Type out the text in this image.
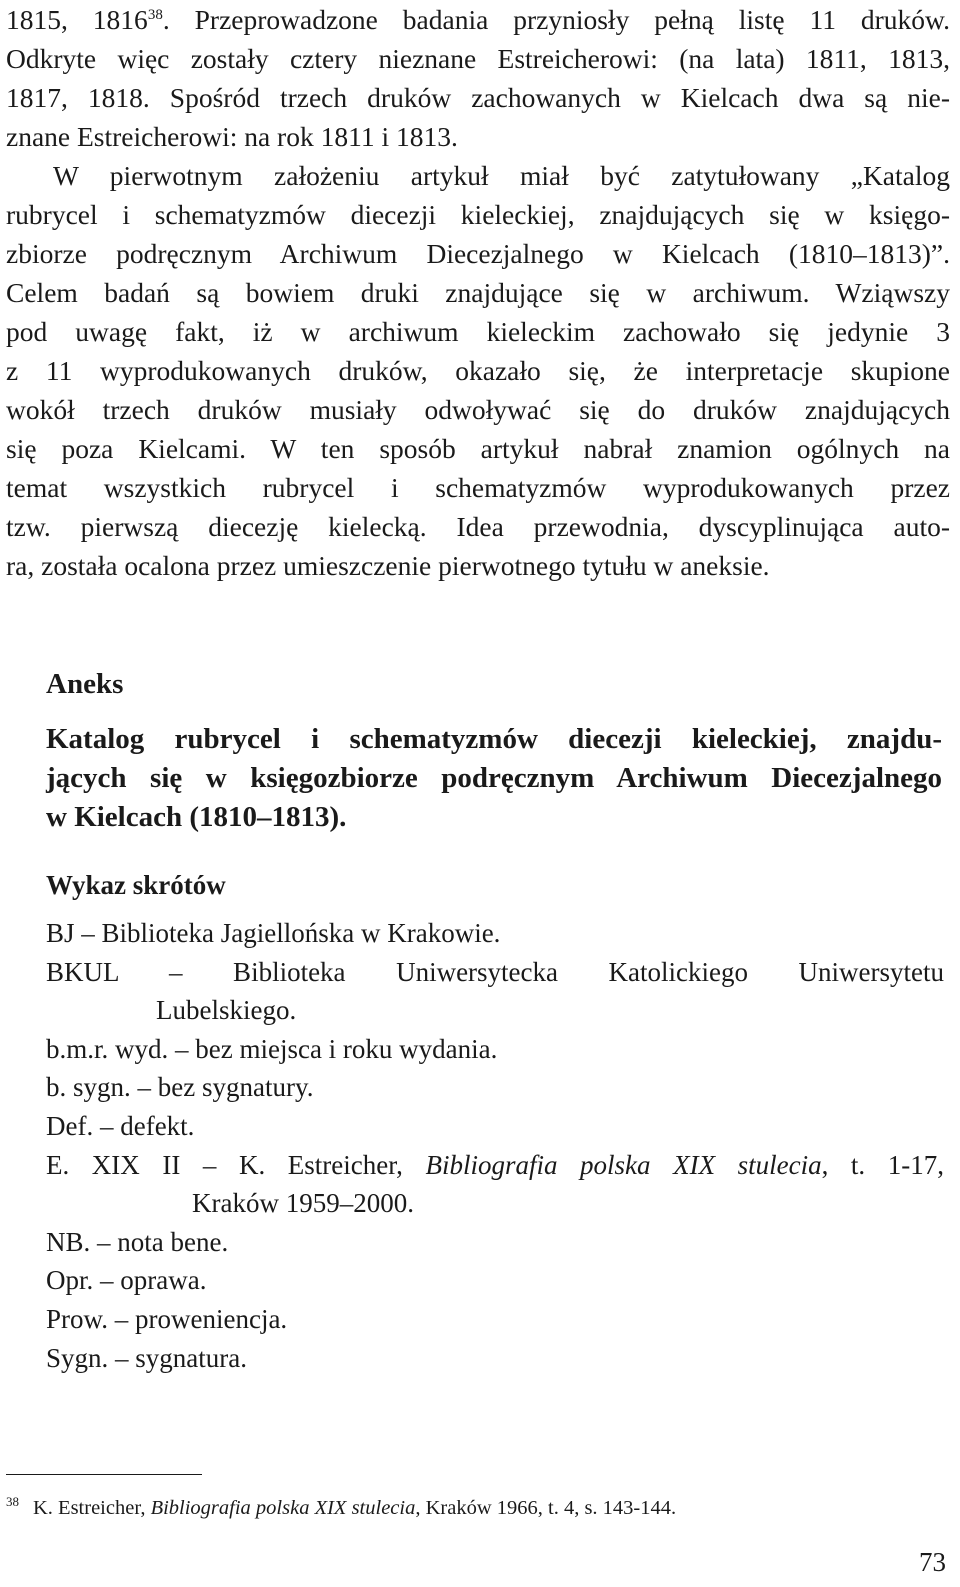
1815, 1816$^{38}$. Przeprowadzone badania przyniosły pełną listę 11 druków.
Odkryte więc zostały cztery nieznane Estreicherowi: (na lata) 1811, 1813,
1817, 1818. Spośród trzech druków zachowanych w Kielcach dwa są nie-
znane Estreicherowi: na rok 1811 i 1813.

W pierwotnym założeniu artykuł miał być zatytułowany „Katalog
rubrycel i schematyzmów diecezji kieleckiej, znajdujących się w księgo-
zbiorze podręcznym Archiwum Diecezjalnego w Kielcach (1810–1813)”.
Celem badań są bowiem druki znajdujące się w archiwum. Wziąwszy
pod uwagę fakt, iż w archiwum kieleckim zachowało się jedynie 3
z 11 wyprodukowanych druków, okazało się, że interpretacje skupione
wokół trzech druków musiały odwoływać się do druków znajdujących
się poza Kielcami. W ten sposób artykuł nabrał znamion ogólnych na
temat wszystkich rubrycel i schematyzmów wyprodukowanych przez
tzw. pierwszą diecezję kielecką. Idea przewodnia, dyscyplinująca auto-
ra, została ocalona przez umieszczenie pierwotnego tytułu w aneksie.

Aneks
Katalog rubrycel i schematyzmów diecezji kieleckiej, znajdu-
jących się w księgozbiorze podręcznym Archiwum Diecezjalnego
w Kielcach (1810–1813).
Wykaz skrótów
BJ – Biblioteka Jagiellońska w Krakowie.
BKUL – Biblioteka Uniwersytecka Katolickiego Uniwersytetu
Lubelskiego.
b.m.r. wyd. – bez miejsca i roku wydania.
b. sygn. – bez sygnatury.
Def. – defekt.
E. XIX II – K. Estreicher, Bibliografia polska XIX stulecia, t. 1-17,
Kraków 1959–2000.
NB. – nota bene.
Opr. – oprawa.
Prow. – proweniencja.
Sygn. – sygnatura.

$^{38}$ K. Estreicher, Bibliografia polska XIX stulecia, Kraków 1966, t. 4, s. 143-144.

73
